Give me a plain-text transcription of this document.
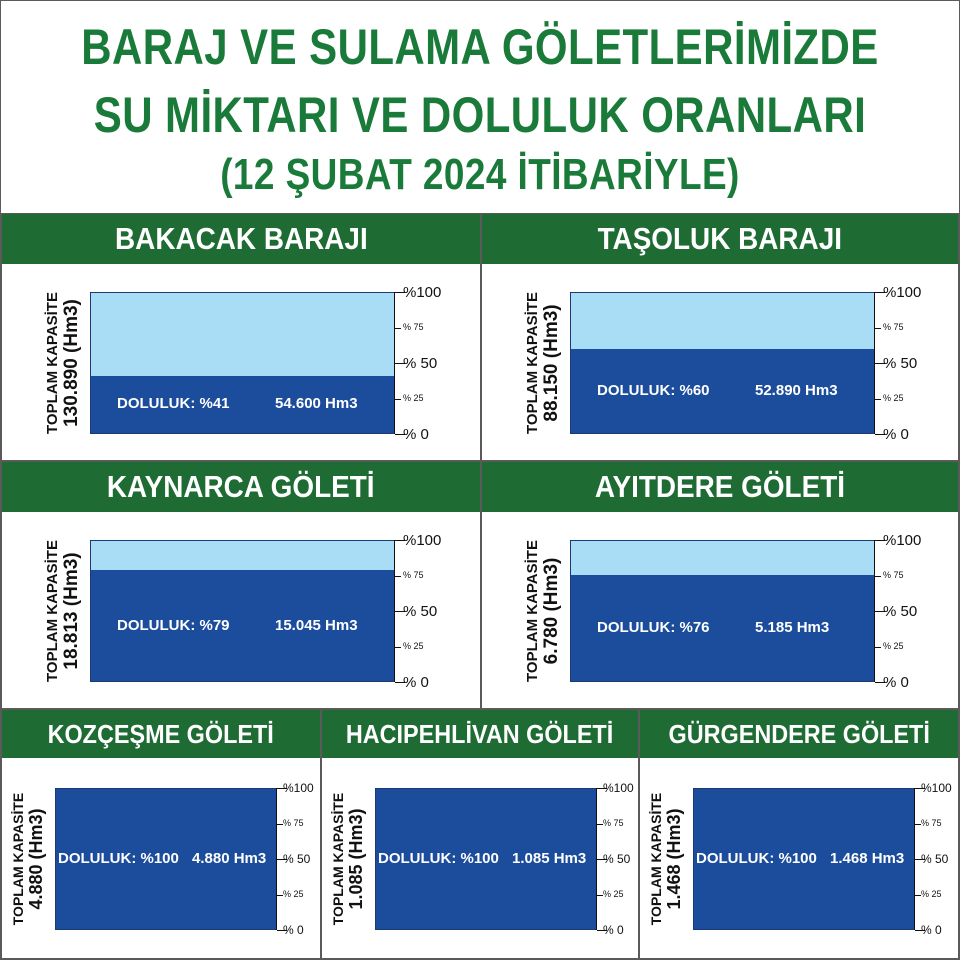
BARAJ VE SULAMA GÖLETLERİMİZDE
SU MİKTARI VE DOLULUK ORANLARI
(12 ŞUBAT 2024 İTİBARİYLE)
BAKACAK BARAJI
TOPLAM KAPASİTE 130.890 (Hm3) DOLULUK: %41	54.600 Hm3
%100
% 75
% 50
% 25
% 0
TAŞOLUK BARAJI
TOPLAM KAPASİTE 88.150 (Hm3) DOLULUK: %60	52.890 Hm3
%100
% 75
% 50
% 25
% 0
KAYNARCA GÖLETİ
TOPLAM KAPASİTE 18.813 (Hm3) DOLULUK: %79	15.045 Hm3
%100
% 75
% 50
% 25
% 0
AYITDERE GÖLETİ
TOPLAM KAPASİTE 6.780 (Hm3) DOLULUK: %76	5.185 Hm3
%100
% 75
% 50
% 25
% 0
KOZÇEŞME GÖLETİ
TOPLAM KAPASİTE 4.880 (Hm3) DOLULUK: %100 4.880 Hm3
%100
% 75
% 50
% 25
% 0
HACIPEHLİVAN GÖLETİ
TOPLAM KAPASİTE 1.085 (Hm3) DOLULUK: %100 1.085 Hm3
%100
% 75
% 50
% 25
% 0
GÜRGENDERE GÖLETİ
TOPLAM KAPASİTE 1.468 (Hm3) DOLULUK: %100 1.468 Hm3
%100
% 75
% 50
% 25
% 0
